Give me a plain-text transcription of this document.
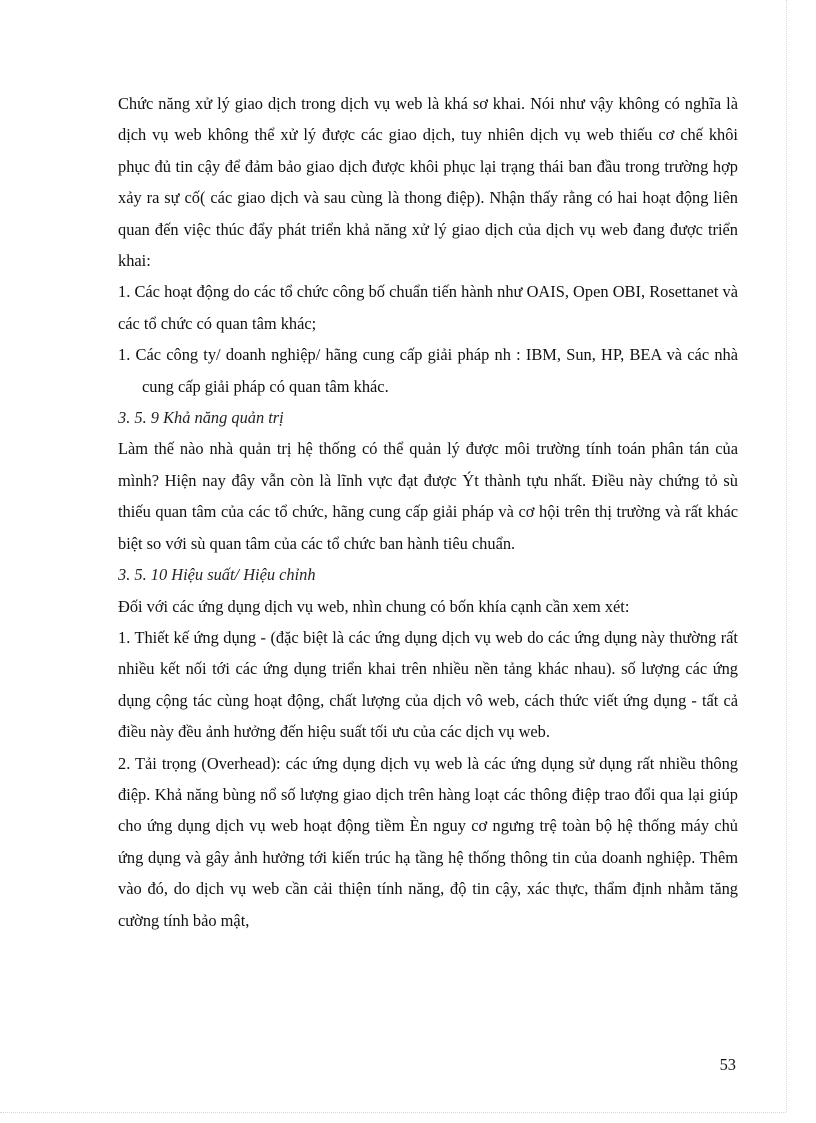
Chức năng xử lý giao dịch trong dịch vụ web là khá sơ khai. Nói như vậy không có nghĩa là dịch vụ web không thể xử lý được các giao dịch, tuy nhiên dịch vụ web thiếu cơ chế khôi phục đủ tin cậy để đảm bảo giao dịch được khôi phục lại trạng thái ban đầu trong trường hợp xảy ra sự cố( các giao dịch và sau cùng là thong điệp). Nhận thấy rằng có hai hoạt động liên quan đến việc thúc đẩy phát triển khả năng xử lý giao dịch của dịch vụ web đang được triển khai:

1. Các hoạt động do các tổ chức công bố chuẩn tiến hành như OAIS, Open OBI, Rosettanet và các tổ chức có quan tâm khác;

1. Các công ty/ doanh nghiệp/ hãng cung cấp giải pháp nh : IBM, Sun, HP, BEA và các nhà cung cấp giải pháp có quan tâm khác.

3. 5. 9 Khả năng quản trị

Làm thế nào nhà quản trị hệ thống có thể quản lý được môi trường tính toán phân tán của mình? Hiện nay đây vẫn còn là lĩnh vực đạt được Ýt thành tựu nhất. Điều này chứng tỏ sù thiếu quan tâm của các tổ chức, hãng cung cấp giải pháp và cơ hội trên thị trường và rất khác biệt so với sù quan tâm của các tổ chức ban hành tiêu chuẩn.

3. 5. 10 Hiệu suất/ Hiệu chỉnh

Đối với các ứng dụng dịch vụ web, nhìn chung có bốn khía cạnh cần xem xét:

1. Thiết kế ứng dụng - (đặc biệt là các ứng dụng dịch vụ web do các ứng dụng này thường rất nhiều kết nối tới các ứng dụng triển khai trên nhiều nền tảng khác nhau). số lượng các ứng dụng cộng tác cùng hoạt động, chất lượng của dịch vô web, cách thức viết ứng dụng - tất cả điều này đều ảnh hưởng đến hiệu suất tối ưu của các dịch vụ web.

2. Tải trọng (Overhead): các ứng dụng dịch vụ web là các ứng dụng sử dụng rất nhiều thông điệp. Khả năng bùng nổ số lượng giao dịch trên hàng loạt các thông điệp trao đổi qua lại giúp cho ứng dụng dịch vụ web hoạt động tiềm Èn nguy cơ ngưng trệ toàn bộ hệ thống máy chủ ứng dụng và gây ảnh hưởng tới kiến trúc hạ tầng hệ thống thông tin của doanh nghiệp. Thêm vào đó, do dịch vụ web cần cải thiện tính năng, độ tin cậy, xác thực, thẩm định nhằm tăng cường tính bảo mật,

53
